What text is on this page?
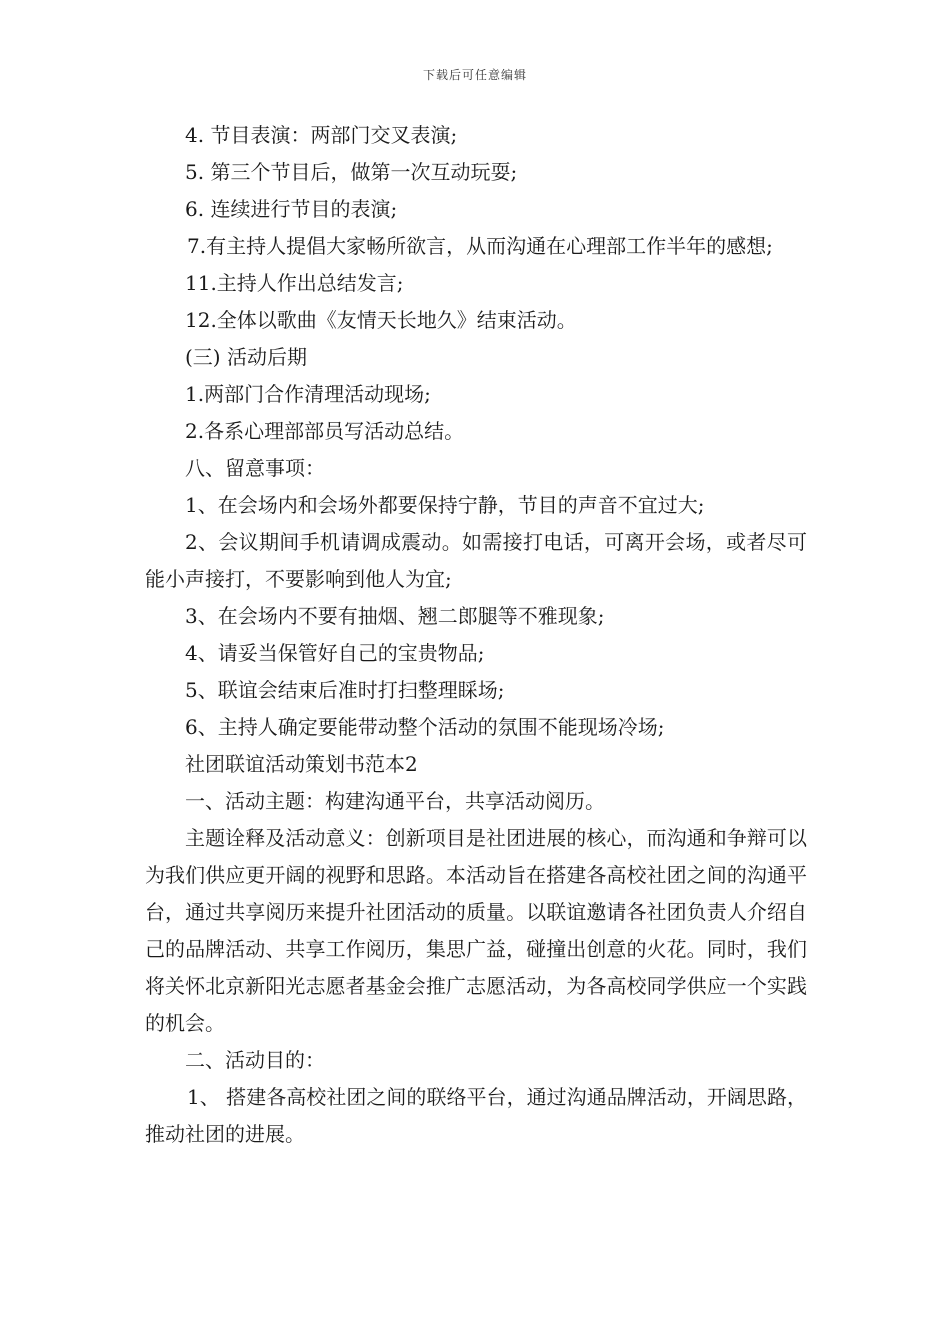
下载后可任意编辑

4. 节目表演：两部门交叉表演;

5. 第三个节目后，做第一次互动玩耍;

6. 连续进行节目的表演;

7.有主持人提倡大家畅所欲言，从而沟通在心理部工作半年的感想;

11.主持人作出总结发言;

12.全体以歌曲《友情天长地久》结束活动。

(三) 活动后期

1.两部门合作清理活动现场;

2.各系心理部部员写活动总结。

八、留意事项：

1、在会场内和会场外都要保持宁静，节目的声音不宜过大;

2、会议期间手机请调成震动。如需接打电话，可离开会场，或者尽可能小声接打，不要影响到他人为宜;

3、在会场内不要有抽烟、翘二郎腿等不雅现象;

4、请妥当保管好自己的宝贵物品;

5、联谊会结束后准时打扫整理睬场;

6、主持人确定要能带动整个活动的氛围不能现场冷场;

社团联谊活动策划书范本2

一、活动主题：构建沟通平台，共享活动阅历。

主题诠释及活动意义：创新项目是社团进展的核心，而沟通和争辩可以为我们供应更开阔的视野和思路。本活动旨在搭建各高校社团之间的沟通平台，通过共享阅历来提升社团活动的质量。以联谊邀请各社团负责人介绍自己的品牌活动、共享工作阅历，集思广益，碰撞出创意的火花。同时，我们将关怀北京新阳光志愿者基金会推广志愿活动，为各高校同学供应一个实践的机会。

二、活动目的：

1、 搭建各高校社团之间的联络平台，通过沟通品牌活动，开阔思路，推动社团的进展。
